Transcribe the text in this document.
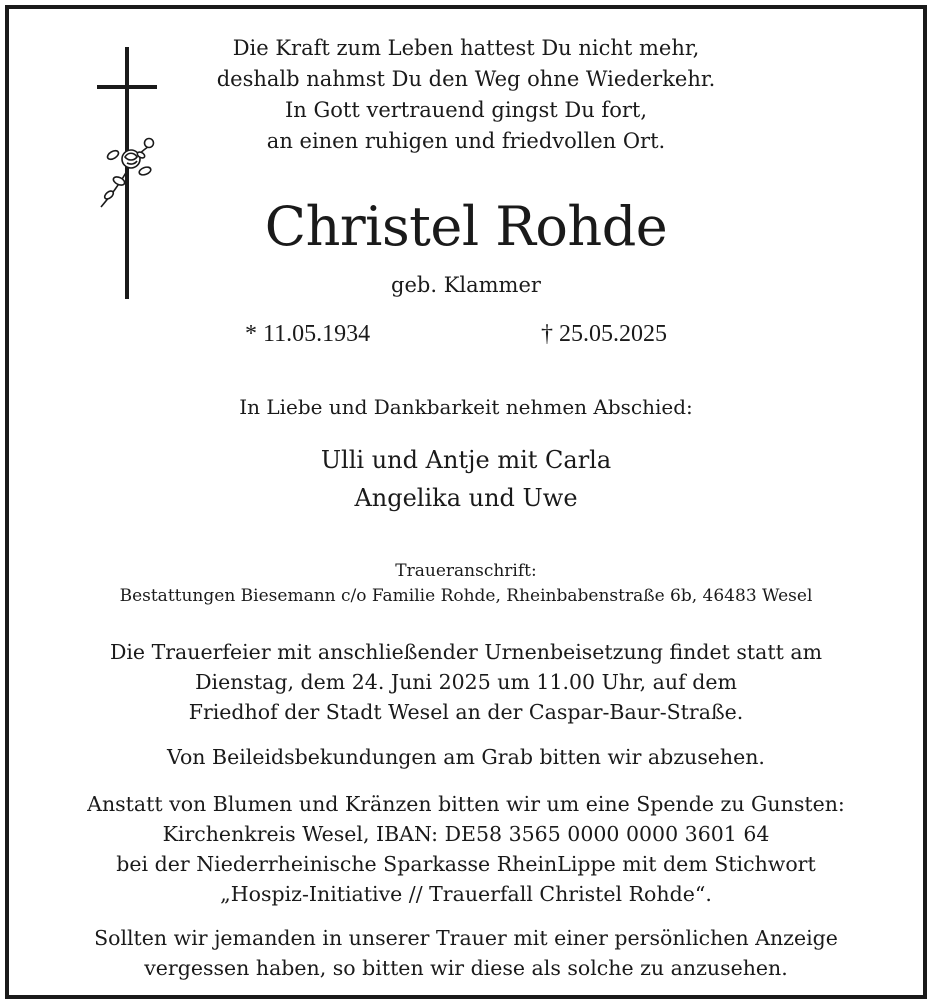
Die Kraft zum Leben hattest Du nicht mehr,
deshalb nahmst Du den Weg ohne Wiederkehr.
In Gott vertrauend gingst Du fort,
an einen ruhigen und friedvollen Ort.
Christel Rohde
geb. Klammer
* 11.05.1934	† 25.05.2025
In Liebe und Dankbarkeit nehmen Abschied:
Ulli und Antje mit Carla
Angelika und Uwe
Traueranschrift:
Bestattungen Biesemann c/o Familie Rohde, Rheinbabenstraße 6b, 46483 Wesel
Die Trauerfeier mit anschließender Urnenbeisetzung findet statt am
Dienstag, dem 24. Juni 2025 um 11.00 Uhr, auf dem
Friedhof der Stadt Wesel an der Caspar-Baur-Straße.
Von Beileidsbekundungen am Grab bitten wir abzusehen.
Anstatt von Blumen und Kränzen bitten wir um eine Spende zu Gunsten:
Kirchenkreis Wesel, IBAN: DE58 3565 0000 0000 3601 64
bei der Niederrheinische Sparkasse RheinLippe mit dem Stichwort
„Hospiz-Initiative // Trauerfall Christel Rohde“.
Sollten wir jemanden in unserer Trauer mit einer persönlichen Anzeige
vergessen haben, so bitten wir diese als solche zu anzusehen.
